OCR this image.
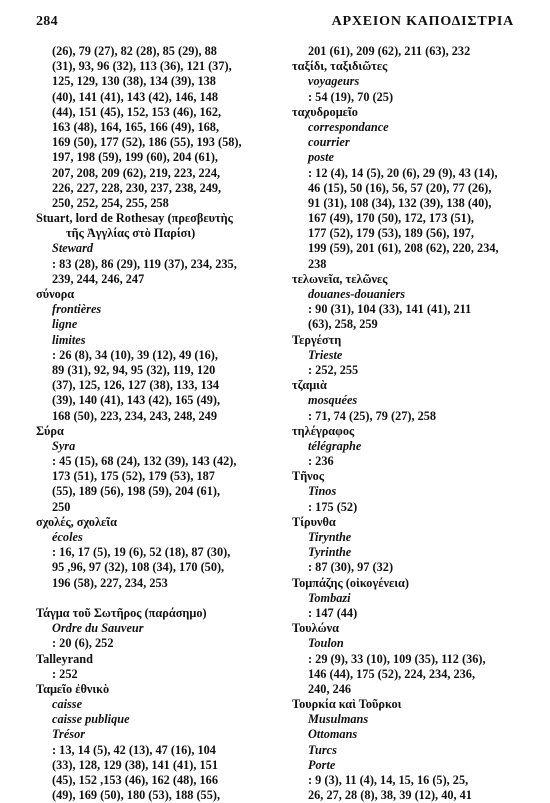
284	ΑΡΧΕΙΟΝ ΚΑΠΟΔΙΣΤΡΙΑ
(26), 79 (27), 82 (28), 85 (29), 88
(31), 93, 96 (32), 113 (36), 121 (37),
125, 129, 130 (38), 134 (39), 138
(40), 141 (41), 143 (42), 146, 148
(44), 151 (45), 152, 153 (46), 162,
163 (48), 164, 165, 166 (49), 168,
169 (50), 177 (52), 186 (55), 193 (58),
197, 198 (59), 199 (60), 204 (61),
207, 208, 209 (62), 219, 223, 224,
226, 227, 228, 230, 237, 238, 249,
250, 252, 254, 255, 258
Stuart, lord de Rothesay (πρεσβευτὴς
τῆς Ἀγγλίας στὸ Παρίσι)
Steward
: 83 (28), 86 (29), 119 (37), 234, 235,
239, 244, 246, 247
σύνορα
frontières
ligne
limites
: 26 (8), 34 (10), 39 (12), 49 (16),
89 (31), 92, 94, 95 (32), 119, 120
(37), 125, 126, 127 (38), 133, 134
(39), 140 (41), 143 (42), 165 (49),
168 (50), 223, 234, 243, 248, 249
Σύρα
Syra
: 45 (15), 68 (24), 132 (39), 143 (42),
173 (51), 175 (52), 179 (53), 187
(55), 189 (56), 198 (59), 204 (61),
250
σχολές, σχολεῖα
écoles
: 16, 17 (5), 19 (6), 52 (18), 87 (30),
95 ,96, 97 (32), 108 (34), 170 (50),
196 (58), 227, 234, 253
Τάγμα τοῦ Σωτῆρος (παράσημο)
Ordre du Sauveur
: 20 (6), 252
Talleyrand
: 252
Ταμεῖο ἐθνικὸ
caisse
caisse publique
Trésor
: 13, 14 (5), 42 (13), 47 (16), 104
(33), 128, 129 (38), 141 (41), 151
(45), 152 ,153 (46), 162 (48), 166
(49), 169 (50), 180 (53), 188 (55),
201 (61), 209 (62), 211 (63), 232
ταξίδι, ταξιδιῶτες
voyageurs
: 54 (19), 70 (25)
ταχυδρομεῖο
correspondance
courrier
poste
: 12 (4), 14 (5), 20 (6), 29 (9), 43 (14),
46 (15), 50 (16), 56, 57 (20), 77 (26),
91 (31), 108 (34), 132 (39), 138 (40),
167 (49), 170 (50), 172, 173 (51),
177 (52), 179 (53), 189 (56), 197,
199 (59), 201 (61), 208 (62), 220, 234,
238
τελωνεῖα, τελῶνες
douanes-douaniers
: 90 (31), 104 (33), 141 (41), 211
(63), 258, 259
Τεργέστη
Trieste
: 252, 255
τζαμιὰ
mosquées
: 71, 74 (25), 79 (27), 258
τηλέγραφος
télégraphe
: 236
Τῆνος
Tinos
: 175 (52)
Τίρυνθα
Tirynthe
Tyrinthe
: 87 (30), 97 (32)
Τομπάζης (οἰκογένεια)
Tombazi
: 147 (44)
Τουλώνα
Toulon
: 29 (9), 33 (10), 109 (35), 112 (36),
146 (44), 175 (52), 224, 234, 236,
240, 246
Τουρκία καὶ Τοῦρκοι
Musulmans
Ottomans
Turcs
Porte
: 9 (3), 11 (4), 14, 15, 16 (5), 25,
26, 27, 28 (8), 38, 39 (12), 40, 41
